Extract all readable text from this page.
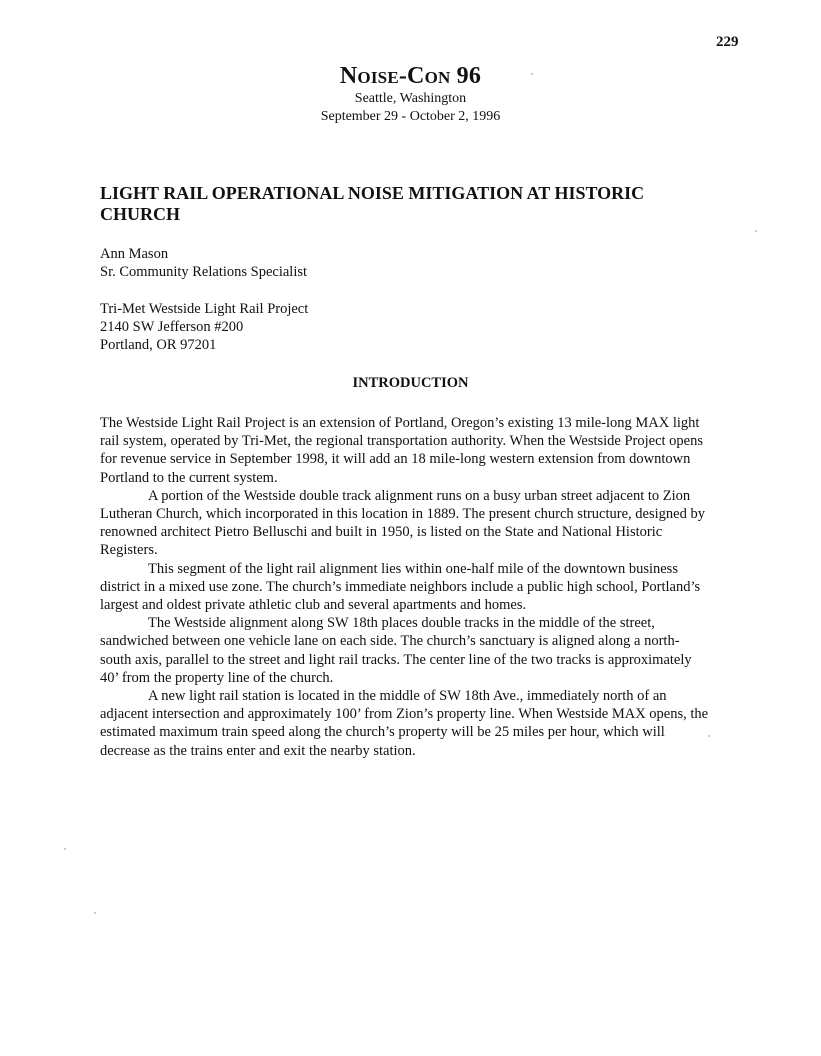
229
Noise-Con 96
Seattle, Washington
September 29 - October 2, 1996
LIGHT RAIL OPERATIONAL NOISE MITIGATION AT HISTORIC CHURCH
Ann Mason
Sr. Community Relations Specialist
Tri-Met Westside Light Rail Project
2140 SW Jefferson #200
Portland, OR 97201
INTRODUCTION

The Westside Light Rail Project is an extension of Portland, Oregon’s existing 13 mile-long MAX light rail system, operated by Tri-Met, the regional transportation authority. When the Westside Project opens for revenue service in September 1998, it will add an 18 mile-long western extension from downtown Portland to the current system.

A portion of the Westside double track alignment runs on a busy urban street adjacent to Zion Lutheran Church, which incorporated in this location in 1889. The present church structure, designed by renowned architect Pietro Belluschi and built in 1950, is listed on the State and National Historic Registers.

This segment of the light rail alignment lies within one-half mile of the downtown business district in a mixed use zone. The church’s immediate neighbors include a public high school, Portland’s largest and oldest private athletic club and several apartments and homes.

The Westside alignment along SW 18th places double tracks in the middle of the street, sandwiched between one vehicle lane on each side. The church’s sanctuary is aligned along a north-south axis, parallel to the street and light rail tracks. The center line of the two tracks is approximately 40’ from the property line of the church.

A new light rail station is located in the middle of SW 18th Ave., immediately north of an adjacent intersection and approximately 100’ from Zion’s property line. When Westside MAX opens, the estimated maximum train speed along the church’s property will be 25 miles per hour, which will decrease as the trains enter and exit the nearby station.
